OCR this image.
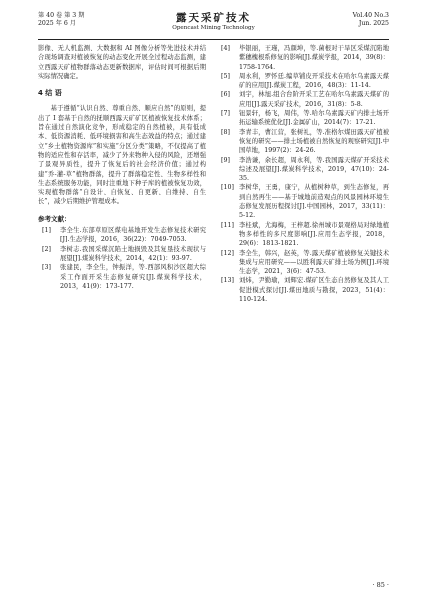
第 40 卷 第 3 期
2025 年 6 月	露天采矿技术
Opencast Mining Technology
Vol.40 No.3
Jun. 2025

影像、无人机监测、大数据和 AI 图像分析等先进技术并结合现场调查对植被恢复的动态变化开展全过程动态监测，建立西露天矿植物群落动态更新数据库，评估时间可根据后期实际情况确定。

4 结 语

基于遵循“认识自然、尊重自然、顺应自然”的原则，提出了 I 套基于自然的抚顺西露天矿矿区植被恢复技术体系；旨在通过自然演化竞争，形成稳定的自然植被，具有低成本、低资源消耗、低环境损害和高生态效益的特点；通过建立“乡土植物资源库”和实施“分区分类”策略，不仅提高了植物的适应性和存活率，减少了外来物种入侵的风险，还增强了景观异质性，提升了恢复后的社会经济价值；通过构建“乔-灌-草”植物群落，提升了群落稳定性、生物多样性和生态系统服务功能，同时注重地下种子库的植被恢复功效，实现植物群落“自设计、自恢复、自更新、自维持、自生长”，减少后期维护管理成本。

参考文献：

[1] 李全生.东部草原区煤电基地开发生态修复技术研究[J].生态学报，2016，36(22)：7049-7053.

[2] 李树志.我国采煤沉陷土地损毁及其复垦技术现状与展望[J].煤炭科学技术，2014，42(1)：93-97.

[3] 张建民，李全生，钟振洋，等.西部风积沙区超大综采工作面开采生态修复研究[J].煤炭科学技术，2013，41(9)：173-177.

[4] 毕银丽，王瑾，冯颜坤，等.菌根对干旱区采煤沉陷地紫穗槐根系修复的影响[J].煤炭学报，2014，39(8)：1758-1764.

[5] 周永利，罗怀廷.编草铺皮开采技术在哈尔乌素露天煤矿的应用[J].煤炭工程，2016，48(3)：11-14.

[6] 刘宇，林旭.组合台阶开采工艺在哈尔乌素露天煤矿的应用[J].露天采矿技术，2016，31(8)：5-8.

[7] 钮景轩，杨飞，周伟，等.哈尔乌素露天矿内排土场开拓运输系统优化[J].金属矿山，2014(7)：17-21.

[8] 李青丰，曹江营，张树礼，等.准格尔煤田露天矿植被恢复的研究——排土场植被自然恢复的观察研究[J].中国草地，1997(2)：24-26.

[9] 李浩谦，余长超，周永利，等.我国露天煤矿开采技术综述及展望[J].煤炭科学技术，2019，47(10)：24-35.

[10] 李树华，王勇，康宁，从植树种草，到生态修复，再到自然再生——基于城地前造观点的风景园林环境生态修复发展历程探讨[J].中国园林，2017，33(11)：5-12.

[11] 李桂斌，尤海梅，王梓超.徐州城市景观格局对绿地植物多样性的多尺度影响[J].应用生态学报，2018，29(6)：1813-1821.

[12] 李全生，韩兴，赵英，等.露天煤矿植被修复关键技术集成与应用研究——以胜利露天矿排土场为例[J].环境生态学，2021，3(6)：47-53.

[13] 刘炜，尹勤瑜，刘辉宏.煤矿区生态自然修复及其人工促进模式探讨[J].煤田地质与勘探，2023，51(4)：110-124.

· 85 ·
